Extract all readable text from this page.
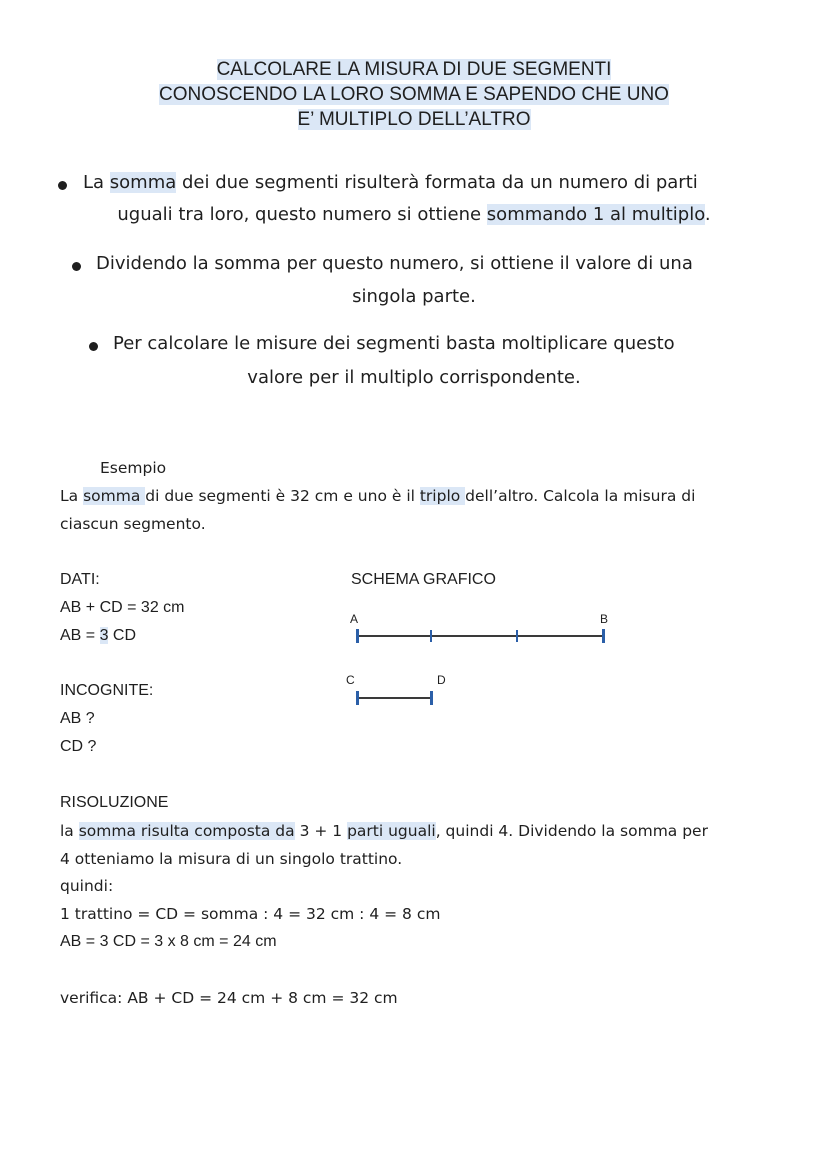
CALCOLARE LA MISURA DI DUE SEGMENTI
CONOSCENDO LA LORO SOMMA E SAPENDO CHE UNO
E’ MULTIPLO DELL’ALTRO
La somma dei due segmenti risulterà formata da un numero di parti
uguali tra loro, questo numero si ottiene sommando 1 al multiplo.
Dividendo la somma per questo numero, si ottiene il valore di una
singola parte.
Per calcolare le misure dei segmenti basta moltiplicare questo
valore per il multiplo corrispondente.
Esempio
La somma di due segmenti è 32 cm e uno è il triplo dell’altro. Calcola la misura di
ciascun segmento.
DATI:
AB + CD = 32 cm
AB = 3 CD
INCOGNITE:
AB ?
CD ?
SCHEMA GRAFICO
A	B
C	D
RISOLUZIONE
la somma risulta composta da 3 + 1 parti uguali, quindi 4. Dividendo la somma per
4 otteniamo la misura di un singolo trattino.
quindi:
1 trattino = CD = somma : 4 = 32 cm : 4 = 8 cm
AB = 3 CD = 3 x 8 cm = 24 cm
verifica: AB + CD = 24 cm + 8 cm = 32 cm
